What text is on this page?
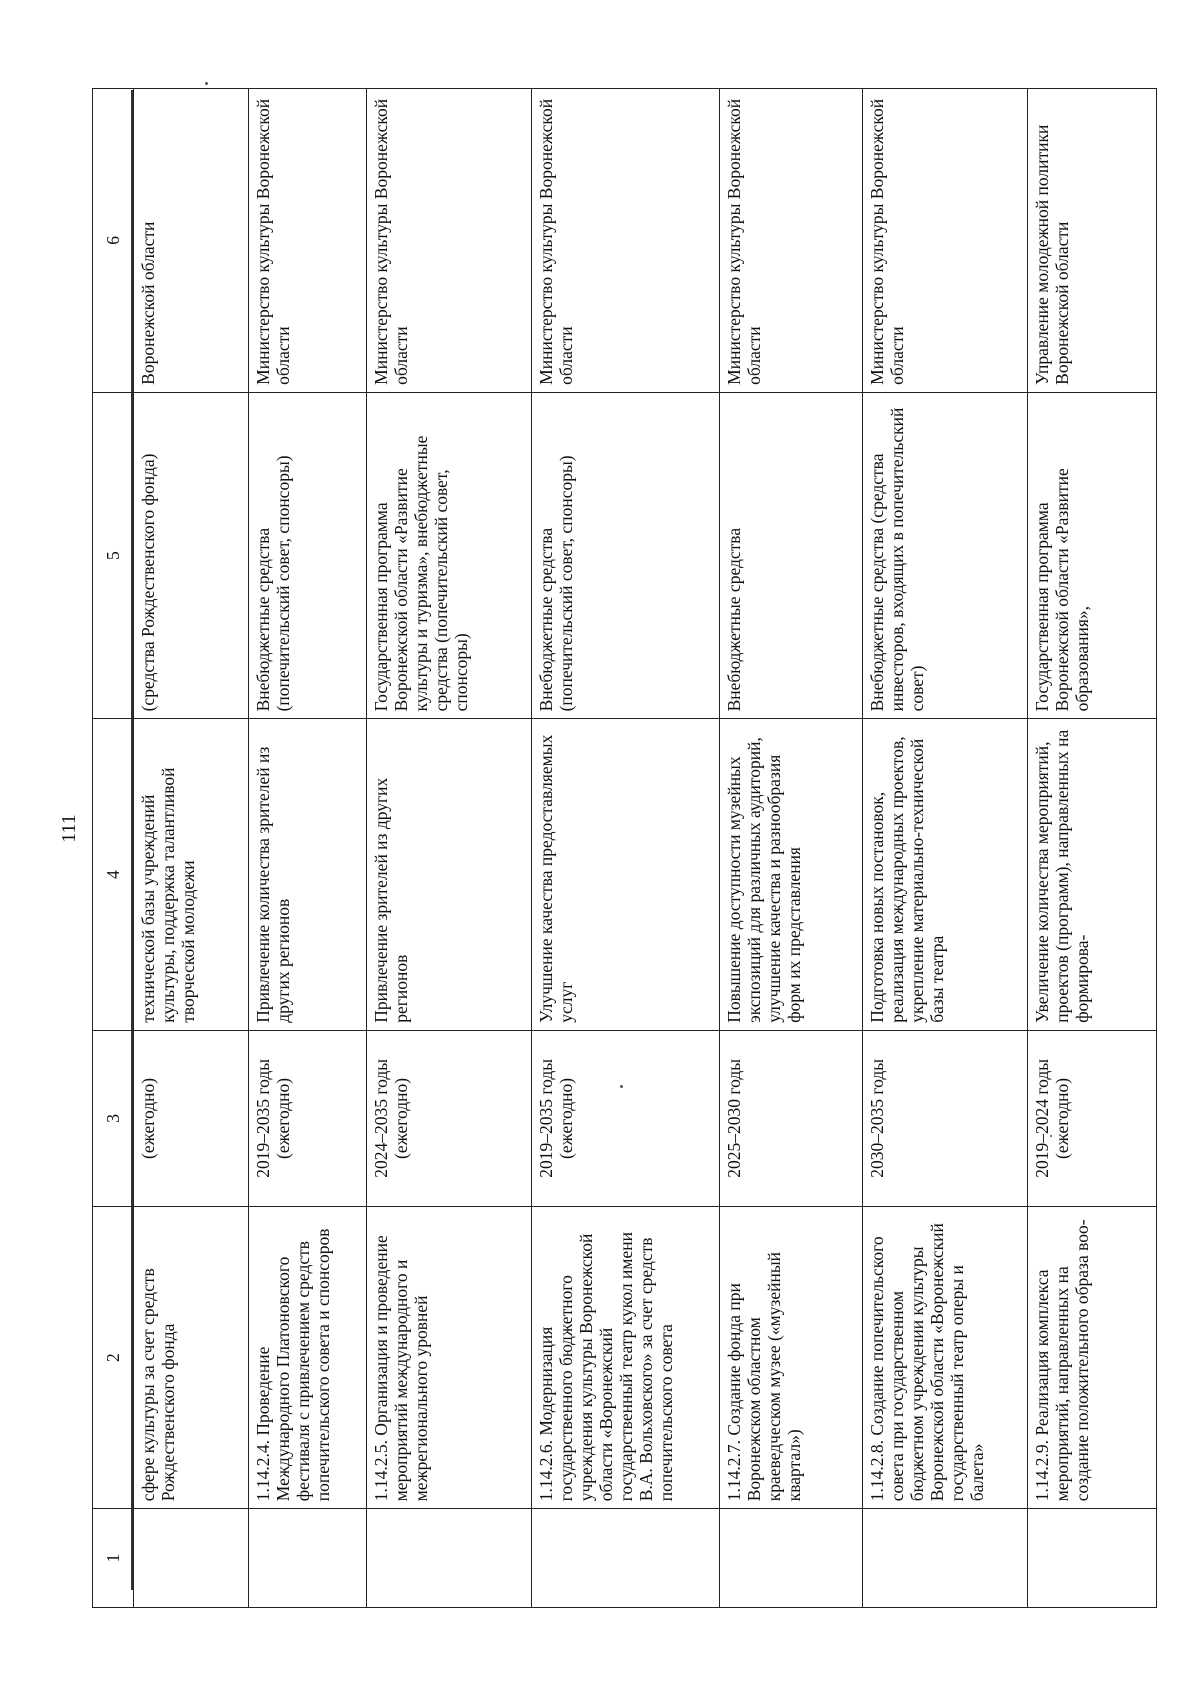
111
1	2	3	4	5	6
	сфере культуры за счет средств Рождественского фонда	(ежегодно)	технической базы учреждений культуры, поддержка талантливой творческой молодежи	(средства Рождественского фонда)	Воронежской области
	1.14.2.4. Проведение Международного Платоновского фестиваля с привлечением средств попечительского совета и спонсоров	2019–2035 годы (ежегодно)	Привлечение количества зрителей из других регионов	Внебюджетные средства (попечительский совет, спонсоры)	Министерство культуры Воронежской области
	1.14.2.5. Организация и проведение мероприятий международного и межрегионального уровней	2024–2035 годы (ежегодно)	Привлечение зрителей из других регионов	Государственная программа Воронежской области «Развитие культуры и туризма», внебюджетные средства (попечительский совет, спонсоры)	Министерство культуры Воронежской области
	1.14.2.6. Модернизация государственного бюджетного учреждения культуры Воронежской области «Воронежский государственный театр кукол имени В.А. Вольховского» за счет средств попечительского совета	2019–2035 годы (ежегодно)	Улучшение качества предоставляемых услуг	Внебюджетные средства (попечительский совет, спонсоры)	Министерство культуры Воронежской области
	1.14.2.7. Создание фонда при Воронежском областном краеведческом музее («музейный квартал»)	2025–2030 годы	Повышение доступности музейных экспозиций для различных аудиторий, улучшение качества и разнообразия форм их представления	Внебюджетные средства	Министерство культуры Воронежской области
	1.14.2.8. Создание попечительского совета при государственном бюджетном учреждении культуры Воронежской области «Воронежский государственный театр оперы и балета»	2030–2035 годы	Подготовка новых постановок, реализация международных проектов, укрепление материально-технической базы театра	Внебюджетные средства (средства инвесторов, входящих в попечительский совет)	Министерство культуры Воронежской области
	1.14.2.9. Реализация комплекса мероприятий, направленных на создание положительного образа воо-	2019–2024 годы (ежегодно)	Увеличение количества мероприятий, проектов (программ), направленных на формирова-	Государственная программа Воронежской области «Развитие образования»,	Управление молодежной политики Воронежской области
